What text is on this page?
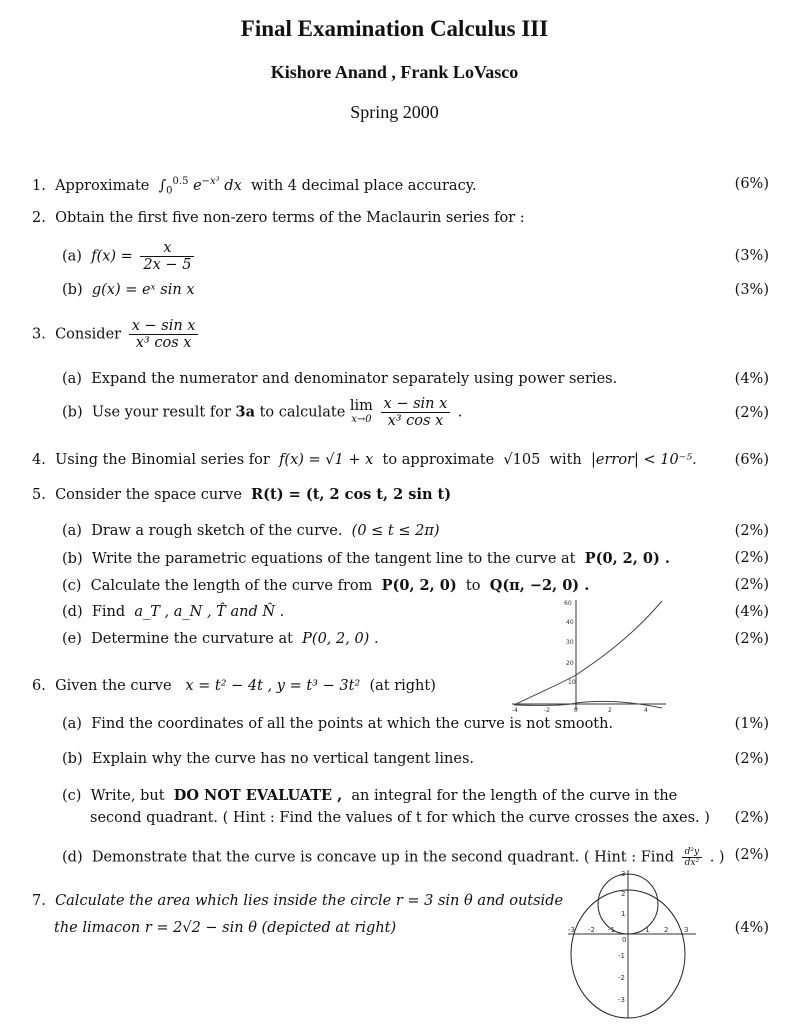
Final Examination Calculus III
Kishore Anand , Frank LoVasco
Spring 2000
1. Approximate $\int_0^{0.5}$ $e^{-x^3}$ dx with 4 decimal place accuracy.	(6%)
2. Obtain the first five non-zero terms of the Maclaurin series for :
(a) $f(x) = \frac{x}{2x - 5}$	(3%)
(b) g(x) = eˣ sin x	(3%)
3. Consider $\frac{\text{x − sin x}}{\text{x³ cos x}}$
(a) Expand the numerator and denominator separately using power series.	(4%)
(b) Use your result for 3a to calculate lim
x→0
$\frac{\text{x − sin x}}{\text{x³ cos x}}$ .	(2%)
4. Using the Binomial series for f(x) = √1 + x to approximate √105 with |error| < 10⁻⁵.	(6%)
5. Consider the space curve R(t) = (t, 2 cos t, 2 sin t)
(a) Draw a rough sketch of the curve. (0 ≤ t ≤ 2π)	(2%)
(b) Write the parametric equations of the tangent line to the curve at P(0, 2, 0) .	(2%)
(c) Calculate the length of the curve from P(0, 2, 0) to Q(π, −2, 0) .	(2%)
(d) Find a_T , a_N , T̂ and N̂ .	(4%)
(e) Determine the curvature at P(0, 2, 0) .	(2%)
60
40
30
20
10
-4	-2	0	2	4
6. Given the curve x = t² − 4t , y = t³ − 3t² (at right)
(a) Find the coordinates of all the points at which the curve is not smooth.	(1%)
(b) Explain why the curve has no vertical tangent lines.	(2%)
(c) Write, but DO NOT EVALUATE , an integral for the length of the curve in the
second quadrant. ( Hint : Find the values of t for which the curve crosses the axes. ) (2%)
(d) Demonstrate that the curve is concave up in the second quadrant. ( Hint : Find $\frac{\text{d²y}}{\text{dx²}}$ . ) (2%)
7. Calculate the area which lies inside the circle r = 3 sin θ and outside
the limacon r = 2√2 − sin θ (depicted at right)	(4%)
-3 -2 -1	1 2 3
0
3
2
1
-1
-2
-3
